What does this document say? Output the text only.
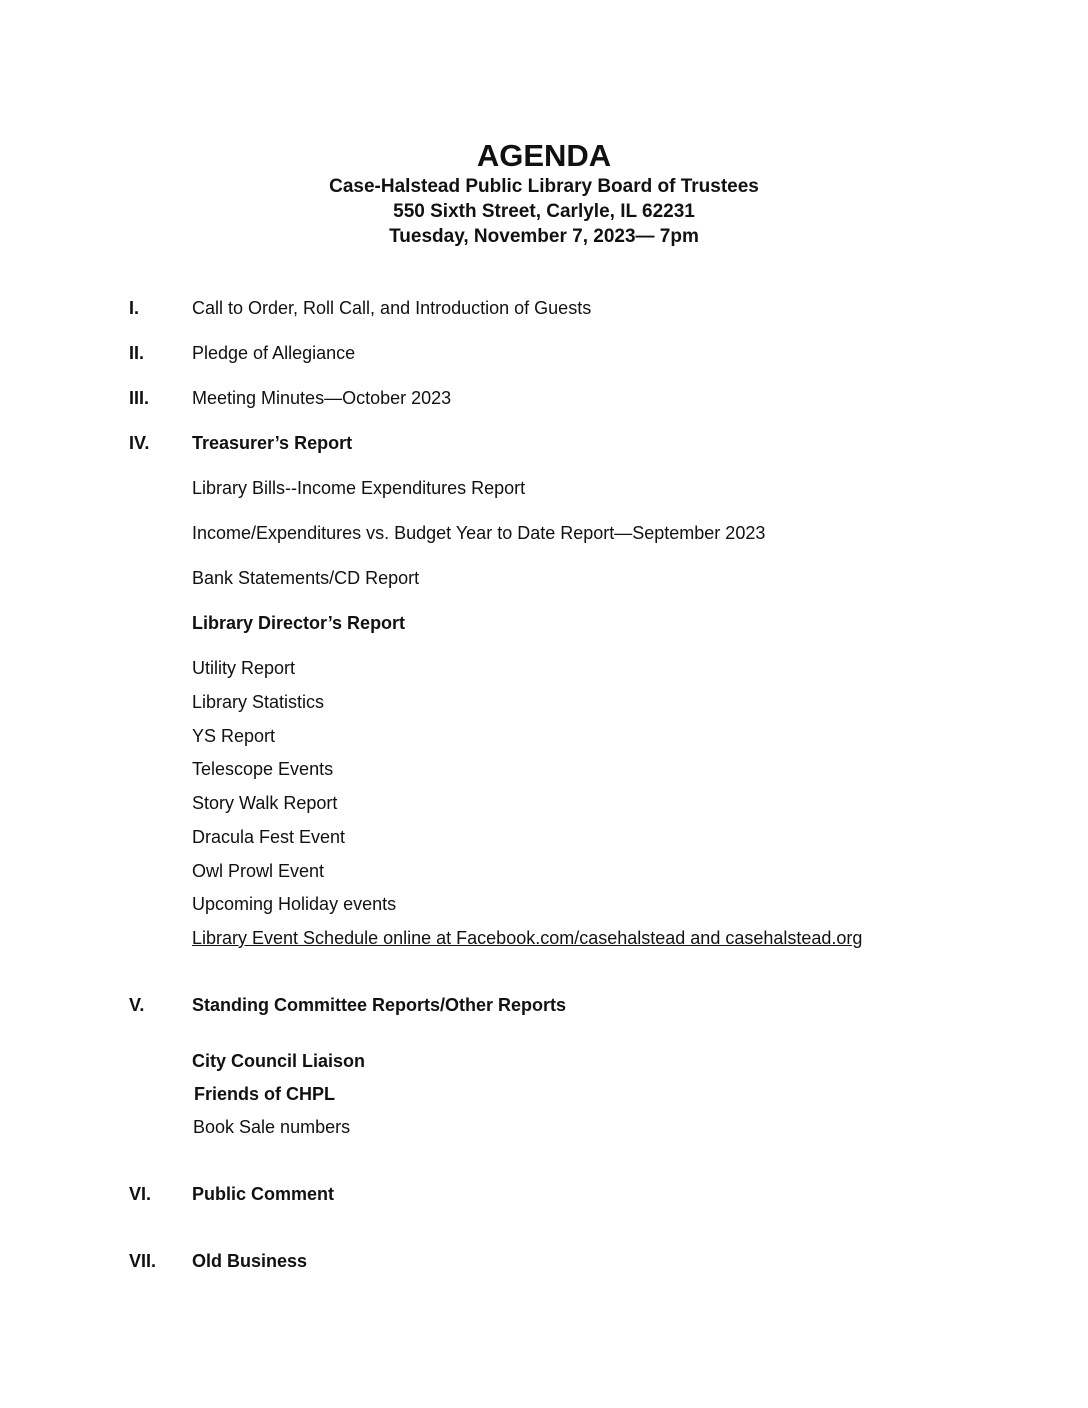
AGENDA
Case-Halstead Public Library Board of Trustees
550 Sixth Street, Carlyle, IL 62231
Tuesday, November 7, 2023— 7pm
I.	Call to Order, Roll Call, and Introduction of Guests
II.	Pledge of Allegiance
III. Meeting Minutes—October 2023
IV. Treasurer’s Report
Library Bills--Income Expenditures Report
Income/Expenditures vs. Budget Year to Date Report—September 2023
Bank Statements/CD Report
Library Director’s Report
Utility Report
Library Statistics
YS Report
Telescope Events
Story Walk Report
Dracula Fest Event
Owl Prowl Event
Upcoming Holiday events
Library Event Schedule online at Facebook.com/casehalstead and casehalstead.org
V.	Standing Committee Reports/Other Reports
City Council Liaison
Friends of CHPL
Book Sale numbers
VI. Public Comment
VII. Old Business
